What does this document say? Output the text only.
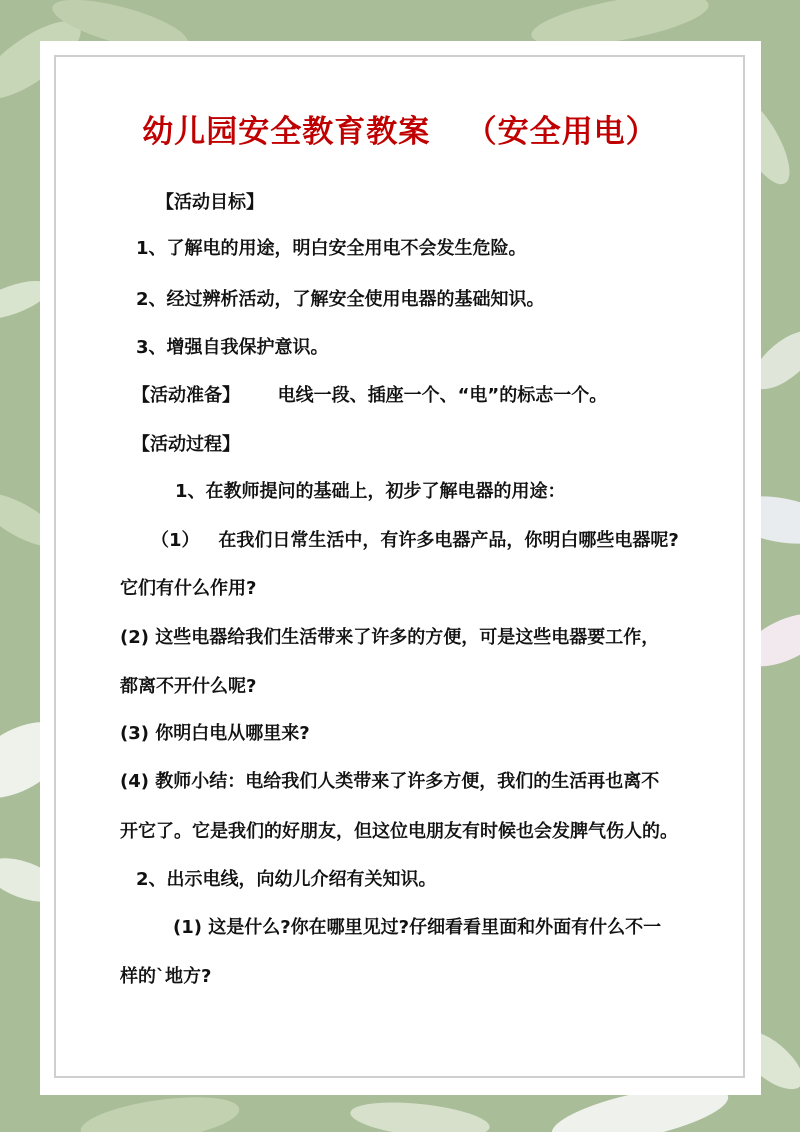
幼儿园安全教育教案   （安全用电）
【活动目标】
1、了解电的用途，明白安全用电不会发生危险。
2、经过辨析活动，了解安全使用电器的基础知识。
3、增强自我保护意识。
【活动准备】      电线一段、插座一个、“电”的标志一个。
【活动过程】
1、在教师提问的基础上，初步了解电器的用途：
（1）   在我们日常生活中，有许多电器产品，你明白哪些电器呢?
它们有什么作用?
(2) 这些电器给我们生活带来了许多的方便，可是这些电器要工作，
都离不开什么呢?
(3) 你明白电从哪里来?
(4) 教师小结：电给我们人类带来了许多方便，我们的生活再也离不
开它了。它是我们的好朋友，但这位电朋友有时候也会发脾气伤人的。
2、出示电线，向幼儿介绍有关知识。
(1) 这是什么?你在哪里见过?仔细看看里面和外面有什么不一
样的`地方?
